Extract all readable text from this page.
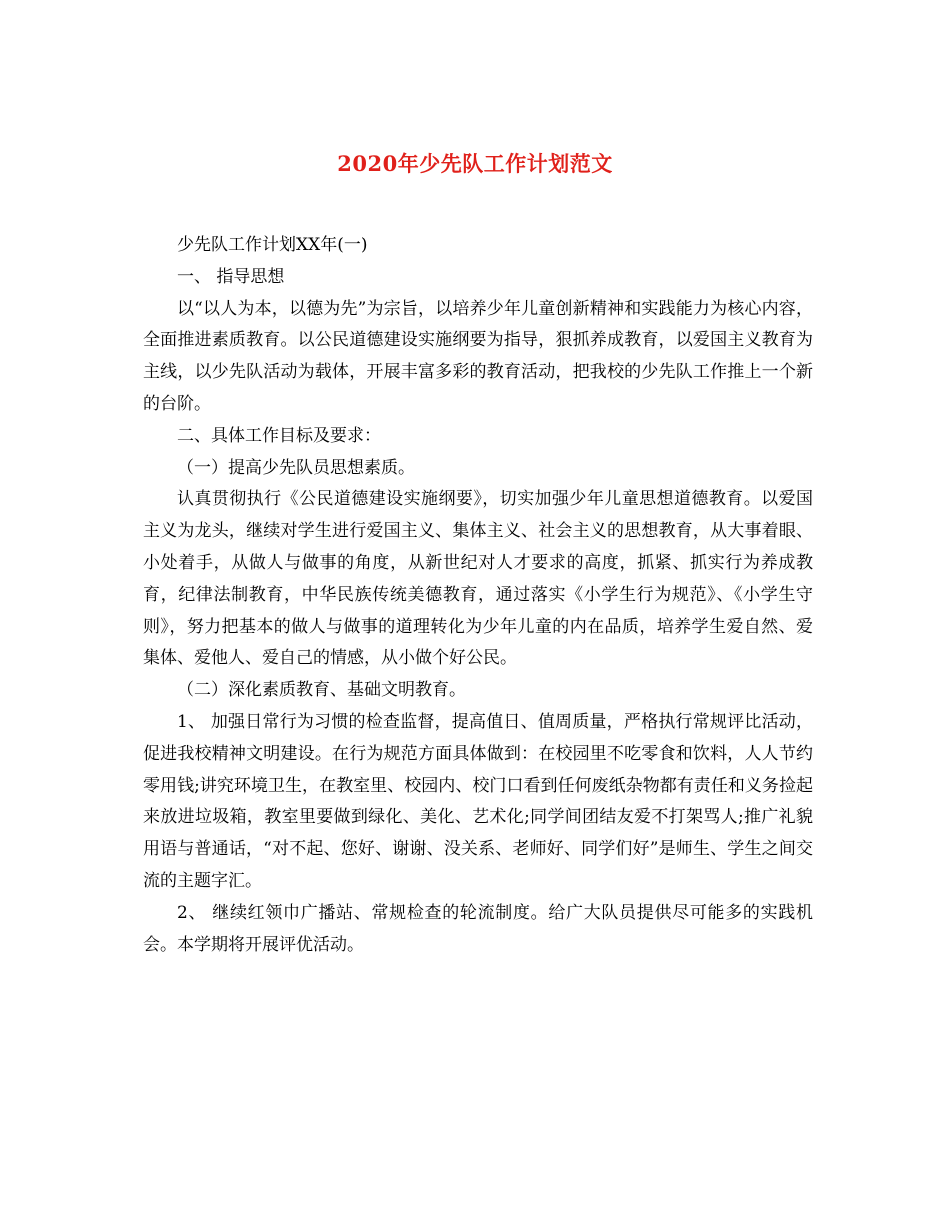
2020年少先队工作计划范文

少先队工作计划XX年(一)

一、 指导思想

以“以人为本，以德为先”为宗旨，以培养少年儿童创新精神和实践能力为核心内容，全面推进素质教育。以公民道德建设实施纲要为指导，狠抓养成教育，以爱国主义教育为主线，以少先队活动为载体，开展丰富多彩的教育活动，把我校的少先队工作推上一个新的台阶。

二、具体工作目标及要求：

（一）提高少先队员思想素质。

认真贯彻执行《公民道德建设实施纲要》，切实加强少年儿童思想道德教育。以爱国主义为龙头，继续对学生进行爱国主义、集体主义、社会主义的思想教育，从大事着眼、小处着手，从做人与做事的角度，从新世纪对人才要求的高度，抓紧、抓实行为养成教育，纪律法制教育，中华民族传统美德教育，通过落实《小学生行为规范》、《小学生守则》，努力把基本的做人与做事的道理转化为少年儿童的内在品质，培养学生爱自然、爱集体、爱他人、爱自己的情感，从小做个好公民。

（二）深化素质教育、基础文明教育。

1、 加强日常行为习惯的检查监督，提高值日、值周质量，严格执行常规评比活动，促进我校精神文明建设。在行为规范方面具体做到：在校园里不吃零食和饮料，人人节约零用钱;讲究环境卫生，在教室里、校园内、校门口看到任何废纸杂物都有责任和义务捡起来放进垃圾箱，教室里要做到绿化、美化、艺术化;同学间团结友爱不打架骂人;推广礼貌用语与普通话，“对不起、您好、谢谢、没关系、老师好、同学们好”是师生、学生之间交流的主题字汇。

2、 继续红领巾广播站、常规检查的轮流制度。给广大队员提供尽可能多的实践机会。本学期将开展评优活动。
